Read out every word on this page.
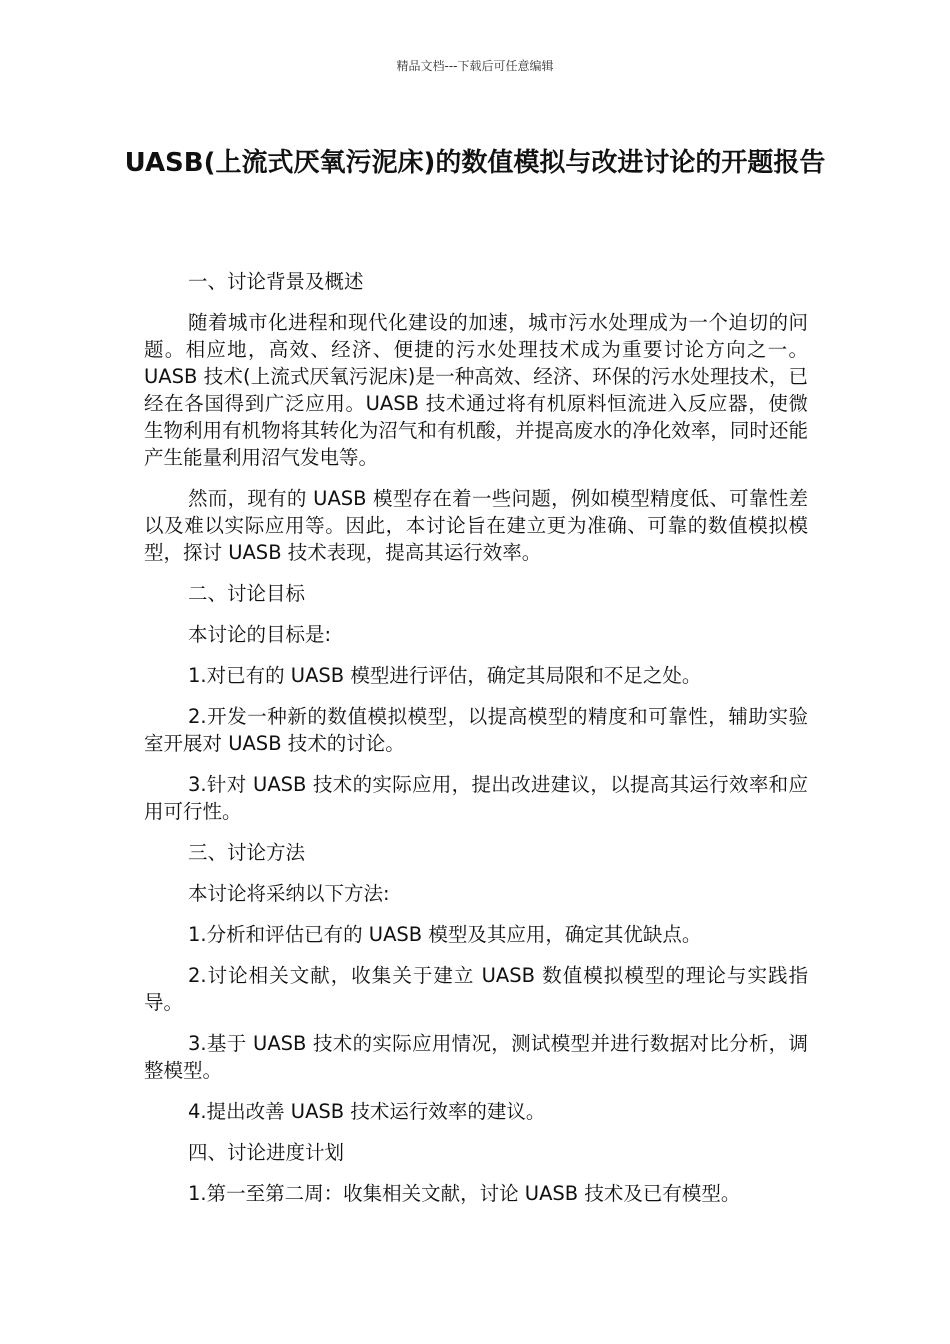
精品文档---下载后可任意编辑
UASB(上流式厌氧污泥床)的数值模拟与改进讨论的开题报告

一、讨论背景及概述

随着城市化进程和现代化建设的加速，城市污水处理成为一个迫切的问题。相应地，高效、经济、便捷的污水处理技术成为重要讨论方向之一。UASB 技术(上流式厌氧污泥床)是一种高效、经济、环保的污水处理技术，已经在各国得到广泛应用。UASB 技术通过将有机原料恒流进入反应器，使微生物利用有机物将其转化为沼气和有机酸，并提高废水的净化效率，同时还能产生能量利用沼气发电等。

然而，现有的 UASB 模型存在着一些问题，例如模型精度低、可靠性差以及难以实际应用等。因此，本讨论旨在建立更为准确、可靠的数值模拟模型，探讨 UASB 技术表现，提高其运行效率。

二、讨论目标

本讨论的目标是:

1.对已有的 UASB 模型进行评估，确定其局限和不足之处。

2.开发一种新的数值模拟模型，以提高模型的精度和可靠性，辅助实验室开展对 UASB 技术的讨论。

3.针对 UASB 技术的实际应用，提出改进建议，以提高其运行效率和应用可行性。

三、讨论方法

本讨论将采纳以下方法:

1.分析和评估已有的 UASB 模型及其应用，确定其优缺点。

2.讨论相关文献，收集关于建立 UASB 数值模拟模型的理论与实践指导。

3.基于 UASB 技术的实际应用情况，测试模型并进行数据对比分析，调整模型。

4.提出改善 UASB 技术运行效率的建议。

四、讨论进度计划

1.第一至第二周：收集相关文献，讨论 UASB 技术及已有模型。
